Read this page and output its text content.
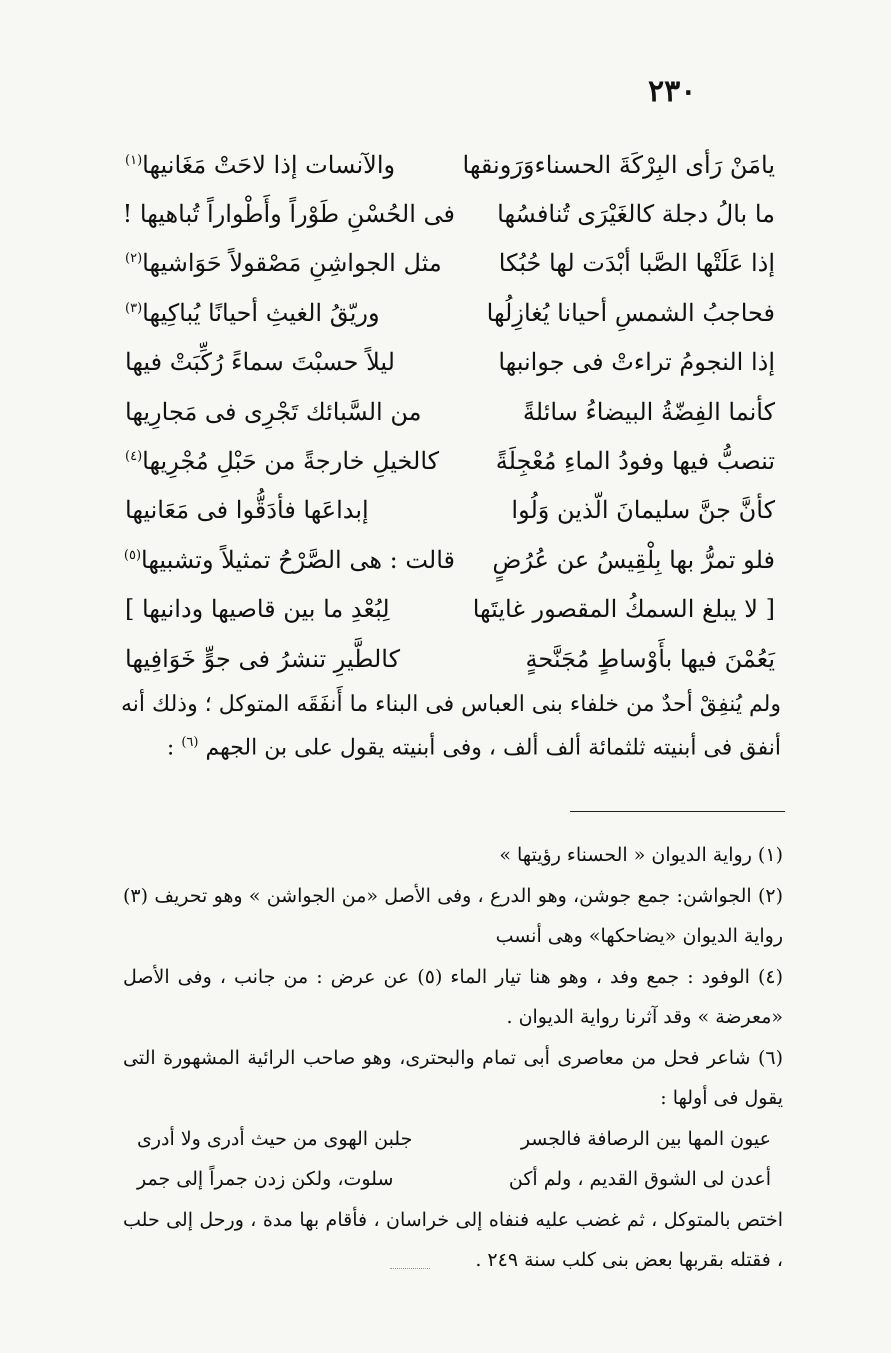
٢٣٠
يامَنْ رَأى البِرْكَةَ الحسناءوَرَونقها
والآنسات إذا لاحَتْ مَغَانيها$^{(١)}$
ما بالُ دجلة كالغَيْرَى تُنافسُها
فى الحُسْنِ طَوْراً وأَطْواراً تُباهيها !
إذا عَلَتْها الصَّبا أبْدَت لها حُبُكا
مثل الجواشِنِ مَصْقولاً حَوَاشيها$^{(٢)}$
فحاجبُ الشمسِ أحيانا يُغازِلُها
وريّقُ الغيثِ أحيانًا يُباكِيها$^{(٣)}$
إذا النجومُ تراءتْ فى جوانبها
ليلاً حسبْتَ سماءً رُكِّبَتْ فيها
كأنما الفِضّةُ البيضاءُ سائلةً
من السَّبائك تَجْرِى فى مَجارِيها
تنصبُّ فيها وفودُ الماءِ مُعْجِلَةً
كالخيلِ خارجةً من حَبْلِ مُجْرِيها$^{(٤)}$
كأنَّ جنَّ سليمانَ الّذين وَلُوا
إبداعَها فأدَقُّوا فى مَعَانيها
فلو تمرُّ بها بِلْقِيسُ عن عُرُضٍ
قالت : هى الصَّرْحُ تمثيلاً وتشبيها$^{(٥)}$
[ لا يبلغ السمكُ المقصور غايتَها
لِبُعْدِ ما بين قاصيها ودانيها ]
يَعُمْنَ فيها بأَوْساطٍ مُجَنَّحةٍ
كالطَّيرِ تنشرُ فى جوٍّ خَوَافِيها
ولم يُنفِقْ أحدٌ من خلفاء بنى العباس فى البناء ما أَنفَقَه المتوكل ؛ وذلك أنه أنفق فى أبنيته ثلثمائة ألف ألف ، وفى أبنيته يقول على بن الجهم $^{(٦)}$ :
(١) رواية الديوان « الحسناء رؤيتها »
(٢) الجواشن: جمع جوشن، وهو الدرع ، وفى الأصل «من الجواشن » وهو تحريف (٣) رواية الديوان «يضاحكها» وهى أنسب
(٤) الوفود : جمع وفد ، وهو هنا تيار الماء (٥) عن عرض : من جانب ، وفى الأصل «معرضة » وقد آثرنا رواية الديوان .
(٦) شاعر فحل من معاصرى أبى تمام والبحترى، وهو صاحب الرائية المشهورة التى يقول فى أولها :
عيون المها بين الرصافة فالجسر
جلبن الهوى من حيث أدرى ولا أدرى
أعدن لى الشوق القديم ، ولم أكن
سلوت، ولكن زدن جمراً إلى جمر
اختص بالمتوكل ، ثم غضب عليه فنفاه إلى خراسان ، فأقام بها مدة ، ورحل إلى حلب ، فقتله بقربها بعض بنى كلب سنة ٢٤٩ .
